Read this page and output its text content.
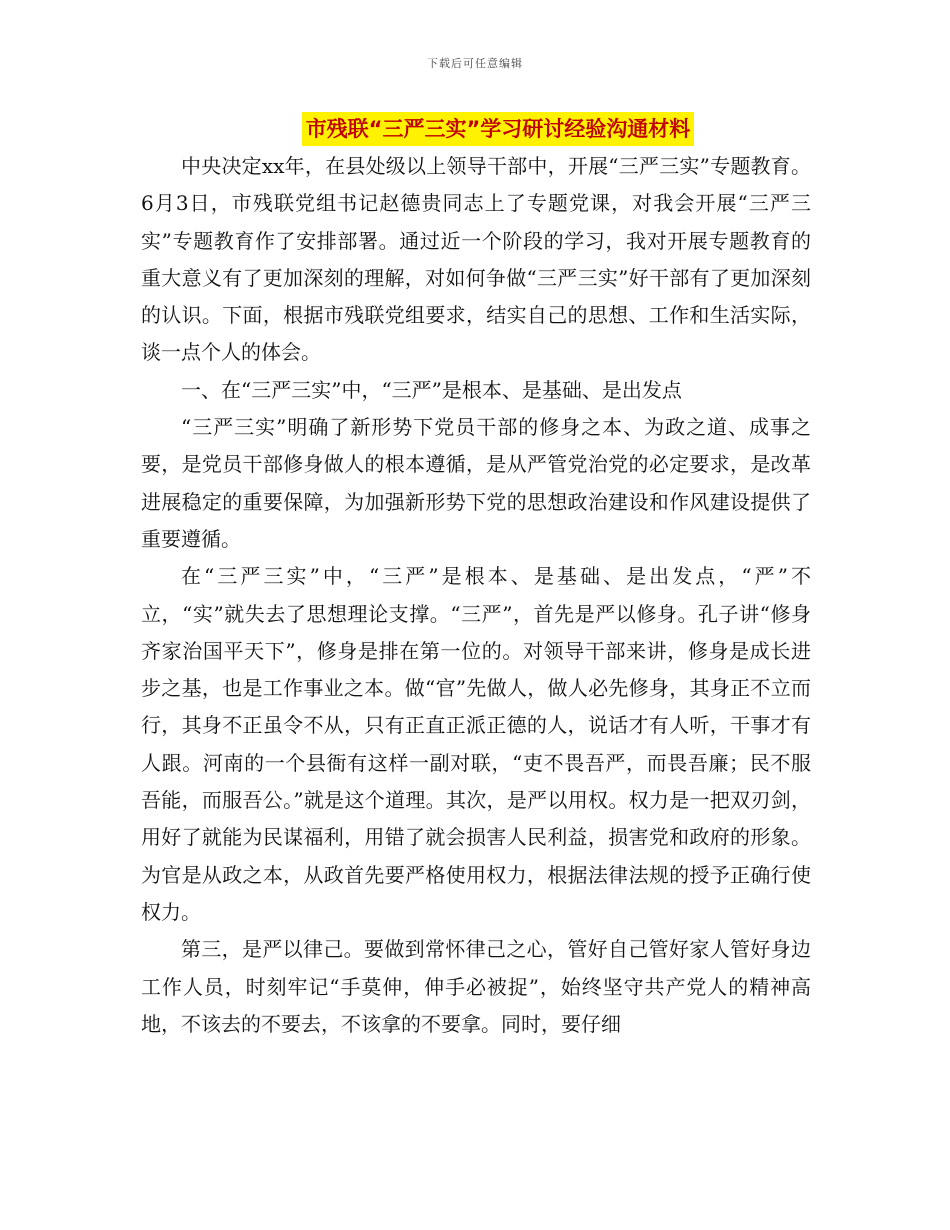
下载后可任意编辑
市残联“三严三实”学习研讨经验沟通材料

中央决定xx年，在县处级以上领导干部中，开展“三严三实”专题教育。6月3日，市残联党组书记赵德贵同志上了专题党课，对我会开展“三严三实”专题教育作了安排部署。通过近一个阶段的学习，我对开展专题教育的重大意义有了更加深刻的理解，对如何争做“三严三实”好干部有了更加深刻的认识。下面，根据市残联党组要求，结实自己的思想、工作和生活实际，谈一点个人的体会。

一、在“三严三实”中，“三严”是根本、是基础、是出发点

“三严三实”明确了新形势下党员干部的修身之本、为政之道、成事之要，是党员干部修身做人的根本遵循，是从严管党治党的必定要求，是改革进展稳定的重要保障，为加强新形势下党的思想政治建设和作风建设提供了重要遵循。

在“三严三实”中，“三严”是根本、是基础、是出发点，“严”不立，“实”就失去了思想理论支撑。“三严”，首先是严以修身。孔子讲“修身齐家治国平天下”，修身是排在第一位的。对领导干部来讲，修身是成长进步之基，也是工作事业之本。做“官”先做人，做人必先修身，其身正不立而行，其身不正虽令不从，只有正直正派正德的人，说话才有人听，干事才有人跟。河南的一个县衙有这样一副对联，“吏不畏吾严，而畏吾廉；民不服吾能，而服吾公。”就是这个道理。其次，是严以用权。权力是一把双刃剑，用好了就能为民谋福利，用错了就会损害人民利益，损害党和政府的形象。为官是从政之本，从政首先要严格使用权力，根据法律法规的授予正确行使权力。

第三，是严以律己。要做到常怀律己之心，管好自己管好家人管好身边工作人员，时刻牢记“手莫伸，伸手必被捉”，始终坚守共产党人的精神高地，不该去的不要去，不该拿的不要拿。同时，要仔细
